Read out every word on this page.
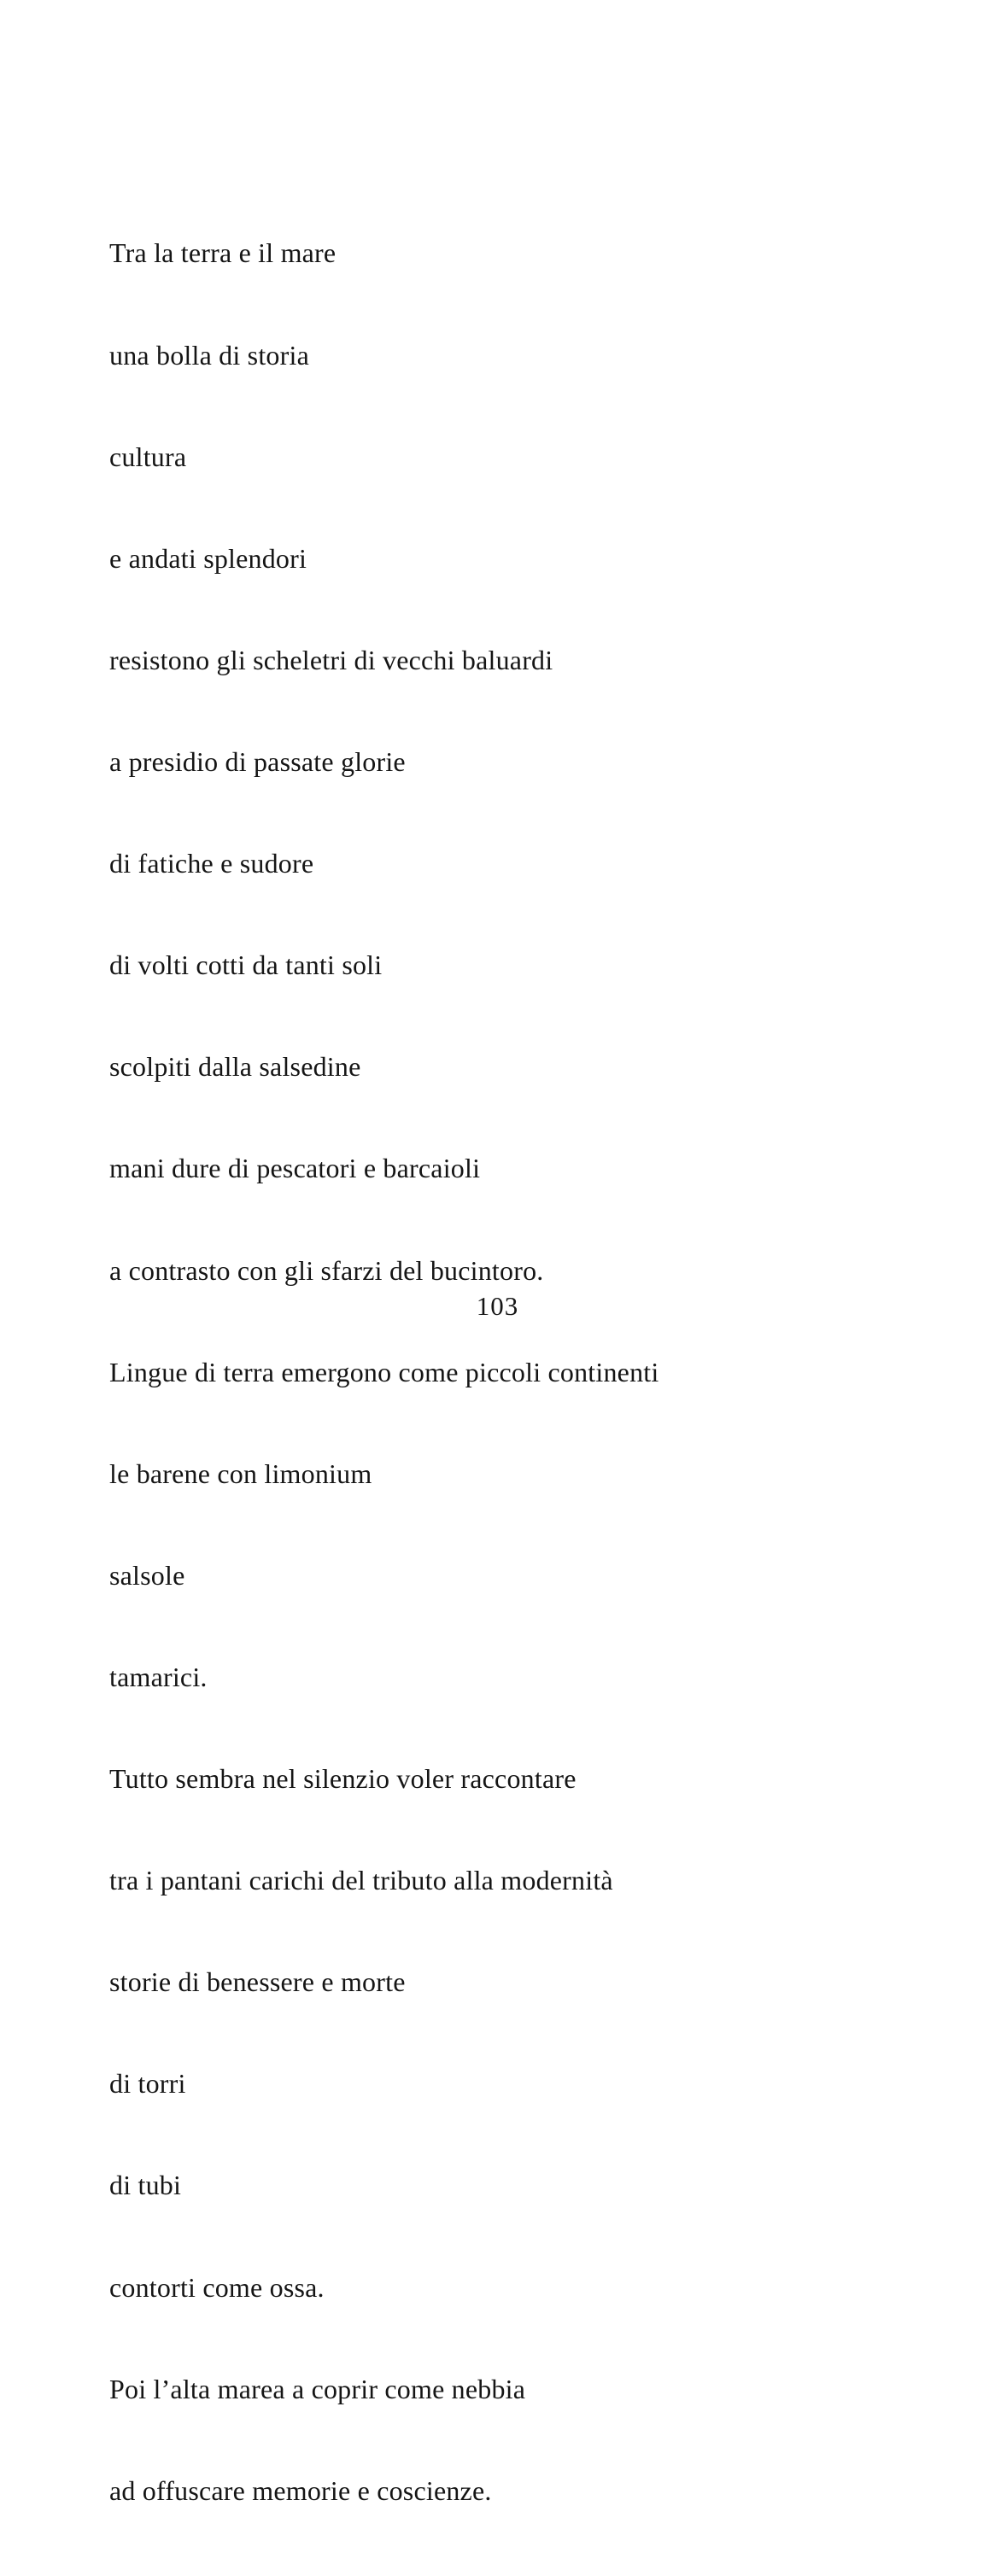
Tra la terra e il mare

una bolla di storia

cultura

e andati splendori

resistono gli scheletri di vecchi baluardi

a presidio di passate glorie

di fatiche e sudore

di volti cotti da tanti soli

scolpiti dalla salsedine

mani dure di pescatori e barcaioli

a contrasto con gli sfarzi del bucintoro.

Lingue di terra emergono come piccoli continenti

le barene con limonium

salsole

tamarici.

Tutto sembra nel silenzio voler raccontare

tra i pantani carichi del tributo alla modernità

storie di benessere e morte

di torri

di tubi

contorti come ossa.

Poi l’alta marea a coprir come nebbia

ad offuscare memorie e coscienze.

103
